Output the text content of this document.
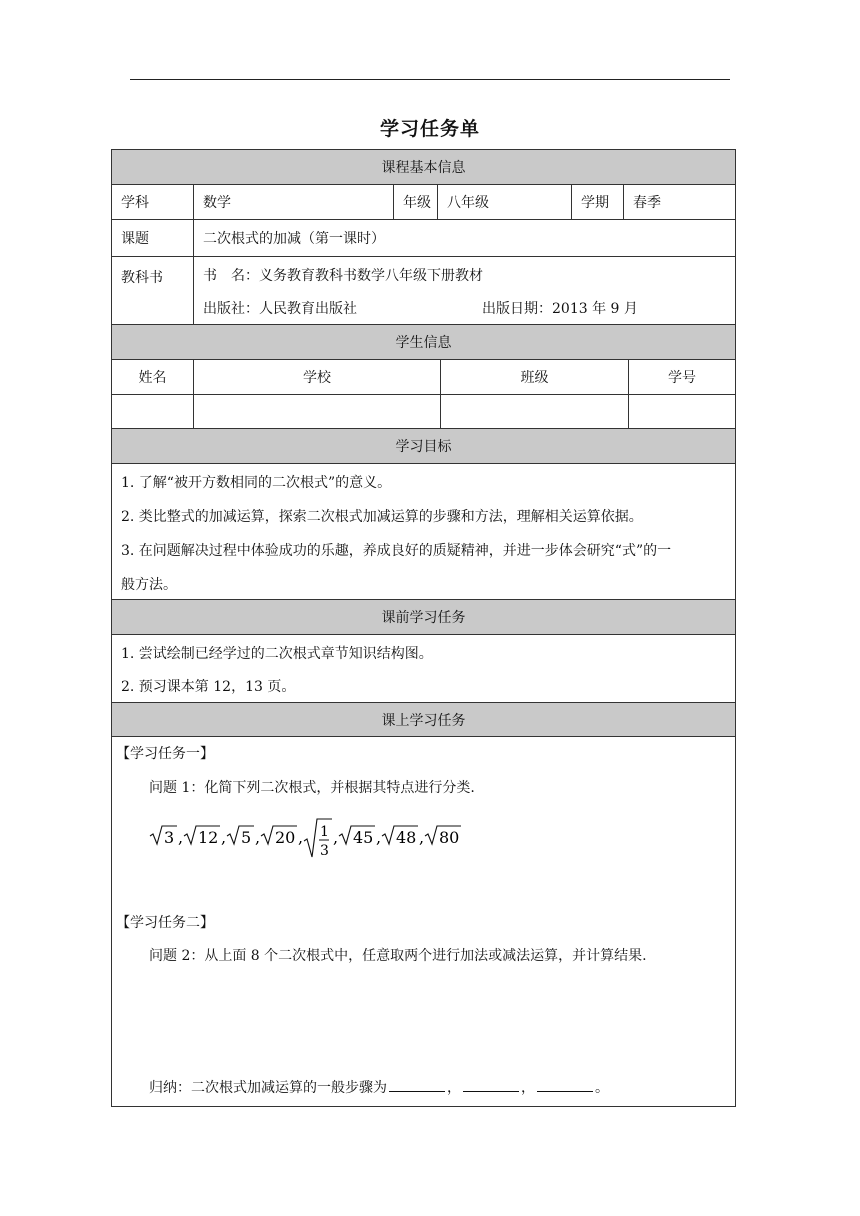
学习任务单
课程基本信息
学科	数学	年级	八年级	学期	春季
课题	二次根式的加减（第一课时）
教科书	书　名：义务教育教科书数学八年级下册教材
出版社：人民教育出版社	出版日期：2013 年 9 月
学生信息
姓名	学校	班级	学号
学习目标
1. 了解“被开方数相同的二次根式”的意义。
2. 类比整式的加减运算，探索二次根式加减运算的步骤和方法，理解相关运算依据。
3. 在问题解决过程中体验成功的乐趣，养成良好的质疑精神，并进一步体会研究“式”的一
般方法。
课前学习任务
1. 尝试绘制已经学过的二次根式章节知识结构图。
2. 预习课本第 12，13 页。
课上学习任务
【学习任务一】
问题 1：化简下列二次根式，并根据其特点进行分类.
【学习任务二】
问题 2：从上面 8 个二次根式中，任意取两个进行加法或减法运算，并计算结果.
归纳：二次根式加减运算的一般步骤为	，	，	。
3 , 12 , 5 , 20 , 1
3
, 45 , 48 , 80
